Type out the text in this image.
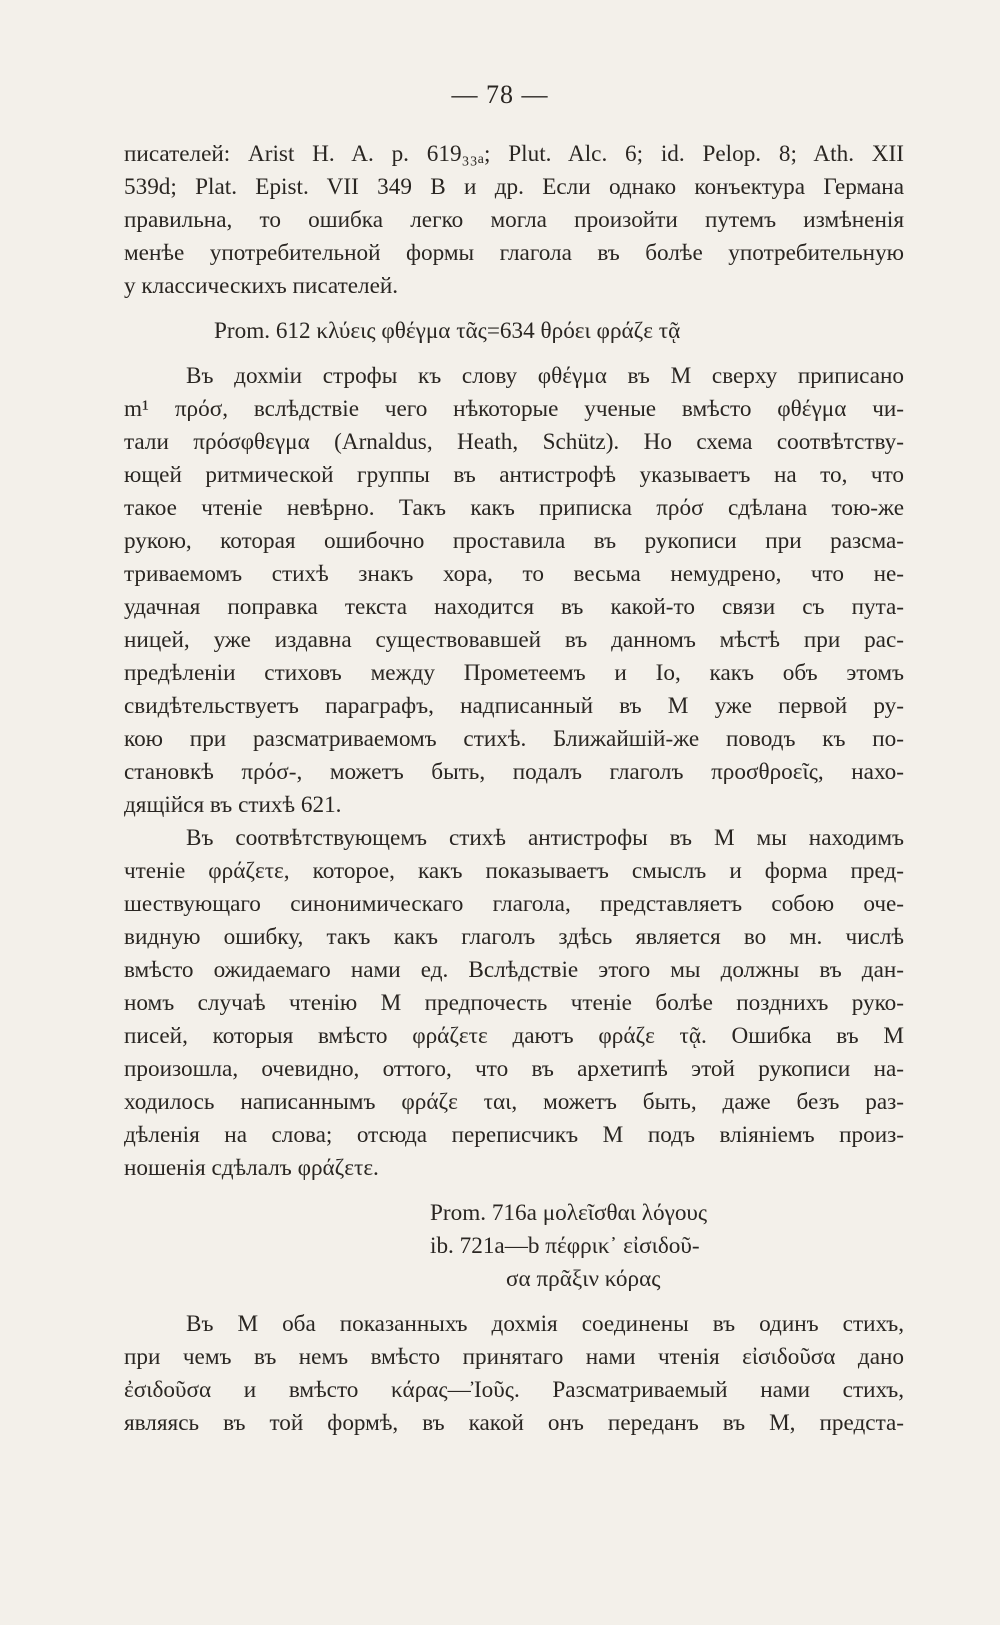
— 78 —
писателей: Arist H. A. p. 619₃₃ₐ; Plut. Alc. 6; id. Pelop. 8; Ath. XII
539d; Plat. Epist. VII 349 B и др. Если однако конъектура Германа
правильна, то ошибка легко могла произойти путемъ измѣненія
менѣе употребительной формы глагола въ болѣе употребительную
у классическихъ писателей.
Prom. 612 κλύεις φθέγμα τᾶς=634 θρόει φράζε τᾷ
Въ дохміи строфы къ слову φθέγμα въ М сверху приписано
m¹ πρόσ, вслѣдствіе чего нѣкоторые ученые вмѣсто φθέγμα чи-
тали πρόσφθεγμα (Arnaldus, Heath, Schütz). Но схема соотвѣтству-
ющей ритмической группы въ антистрофѣ указываетъ на то, что
такое чтеніе невѣрно. Такъ какъ приписка πρόσ сдѣлана тою-же
рукою, которая ошибочно проставила въ рукописи при разсма-
триваемомъ стихѣ знакъ хора, то весьма немудрено, что не-
удачная поправка текста находится въ какой-то связи съ пута-
ницей, уже издавна существовавшей въ данномъ мѣстѣ при рас-
предѣленіи стиховъ между Прометеемъ и Іо, какъ объ этомъ
свидѣтельствуетъ параграфъ, надписанный въ М уже первой ру-
кою при разсматриваемомъ стихѣ. Ближайшій-же поводъ къ по-
становкѣ πρόσ-, можетъ быть, подалъ глаголъ προσθροεῖς, нахо-
дящійся въ стихѣ 621.
Въ соотвѣтствующемъ стихѣ антистрофы въ М мы находимъ
чтеніе φράζετε, которое, какъ показываетъ смыслъ и форма пред-
шествующаго синонимическаго глагола, представляетъ собою оче-
видную ошибку, такъ какъ глаголъ здѣсь является во мн. числѣ
вмѣсто ожидаемаго нами ед. Вслѣдствіе этого мы должны въ дан-
номъ случаѣ чтенію М предпочесть чтеніе болѣе позднихъ руко-
писей, которыя вмѣсто φράζετε даютъ φράζε τᾷ. Ошибка въ М
произошла, очевидно, оттого, что въ архетипѣ этой рукописи на-
ходилось написаннымъ φράζε ται, можетъ быть, даже безъ раз-
дѣленія на слова; отсюда переписчикъ М подъ вліяніемъ произ-
ношенія сдѣлалъ φράζετε.
Prom. 716a μολεῖσθαι λόγους
ib. 721a—b πέφρικ᾽ εἰσιδοῦ-
σα πρᾶξιν κόρας
Въ М оба показанныхъ дохмія соединены въ одинъ стихъ,
при чемъ въ немъ вмѣсто принятаго нами чтенія εἰσιδοῦσα дано
ἐσιδοῦσα и вмѣсто κάρας—Ἰοῦς. Разсматриваемый нами стихъ,
являясь въ той формѣ, въ какой онъ переданъ въ М, предста-
